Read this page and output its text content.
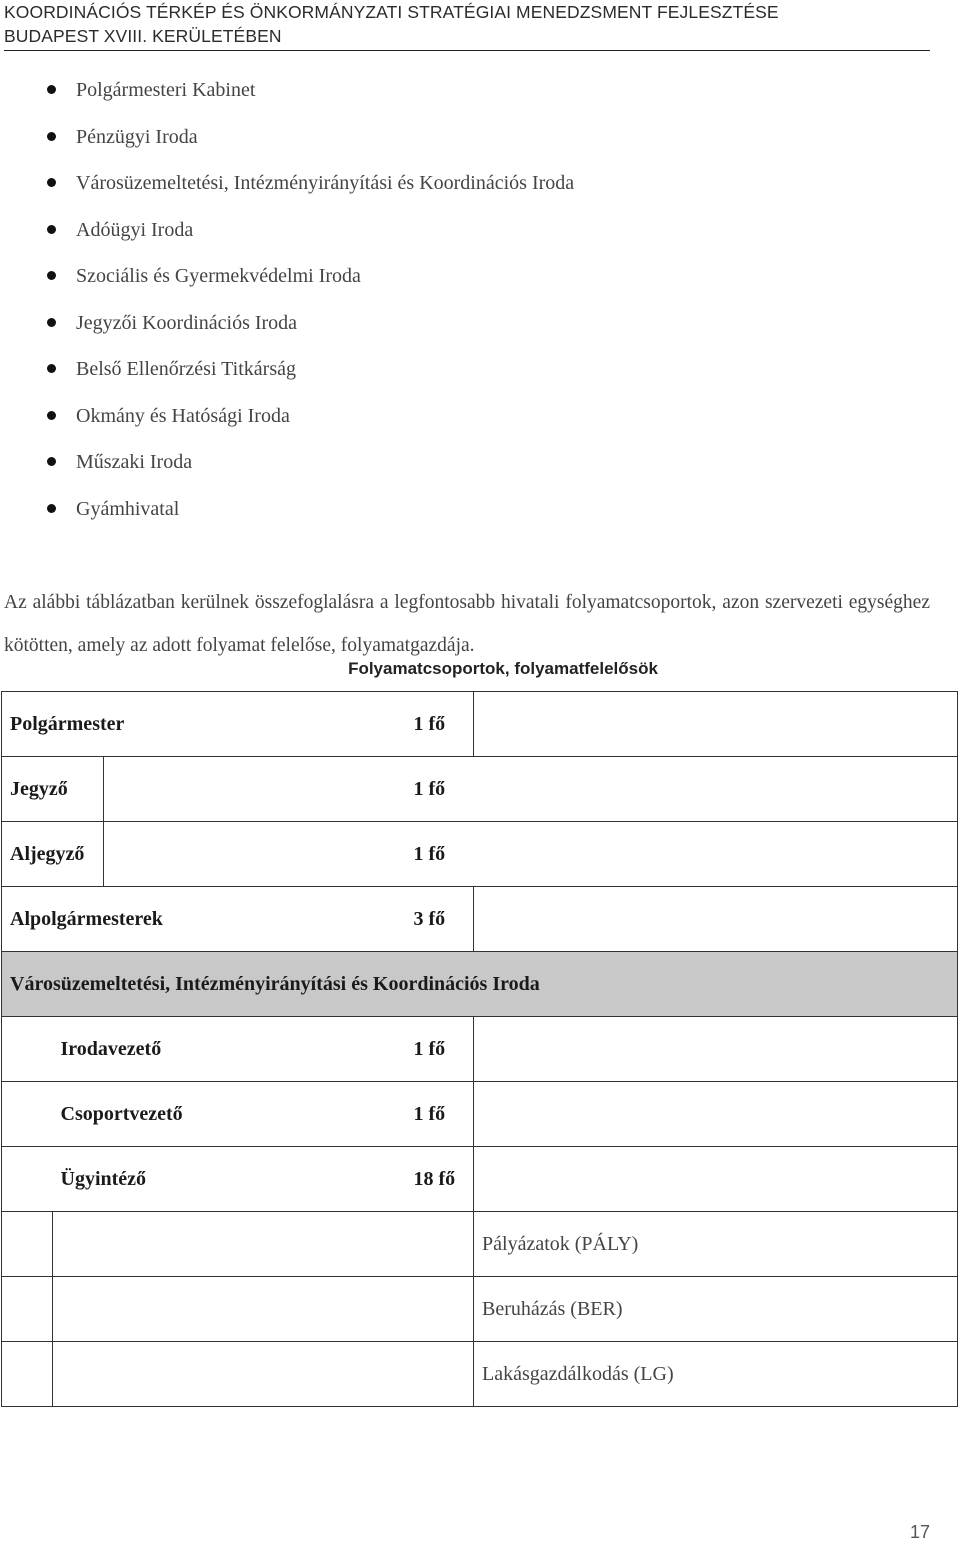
KOORDINÁCIÓS TÉRKÉP ÉS ÖNKORMÁNYZATI STRATÉGIAI MENEDZSMENT FEJLESZTÉSE
BUDAPEST XVIII. KERÜLETÉBEN
Polgármesteri Kabinet
Pénzügyi Iroda
Városüzemeltetési, Intézményirányítási és Koordinációs Iroda
Adóügyi Iroda
Szociális és Gyermekvédelmi Iroda
Jegyzői Koordinációs Iroda
Belső Ellenőrzési Titkárság
Okmány és Hatósági Iroda
Műszaki Iroda
Gyámhivatal

Az alábbi táblázatban kerülnek összefoglalásra a legfontosabb hivatali folyamatcsoportok, azon szervezeti egységhez kötötten, amely az adott folyamat felelőse, folyamatgazdája.

Folyamatcsoportok, folyamatfelelősök
Polgármester			1 fő	
Jegyző			1 fő	
Aljegyző			1 fő	
Alpolgármesterek			3 fő	
Városüzemeltetési, Intézményirányítási és Koordinációs Iroda				
	Irodavezető		1 fő	
	Csoportvezető		1 fő	
	Ügyintéző		18 fő	
				Pályázatok (PÁLY)
				Beruházás (BER)
				Lakásgazdálkodás (LG)
17
